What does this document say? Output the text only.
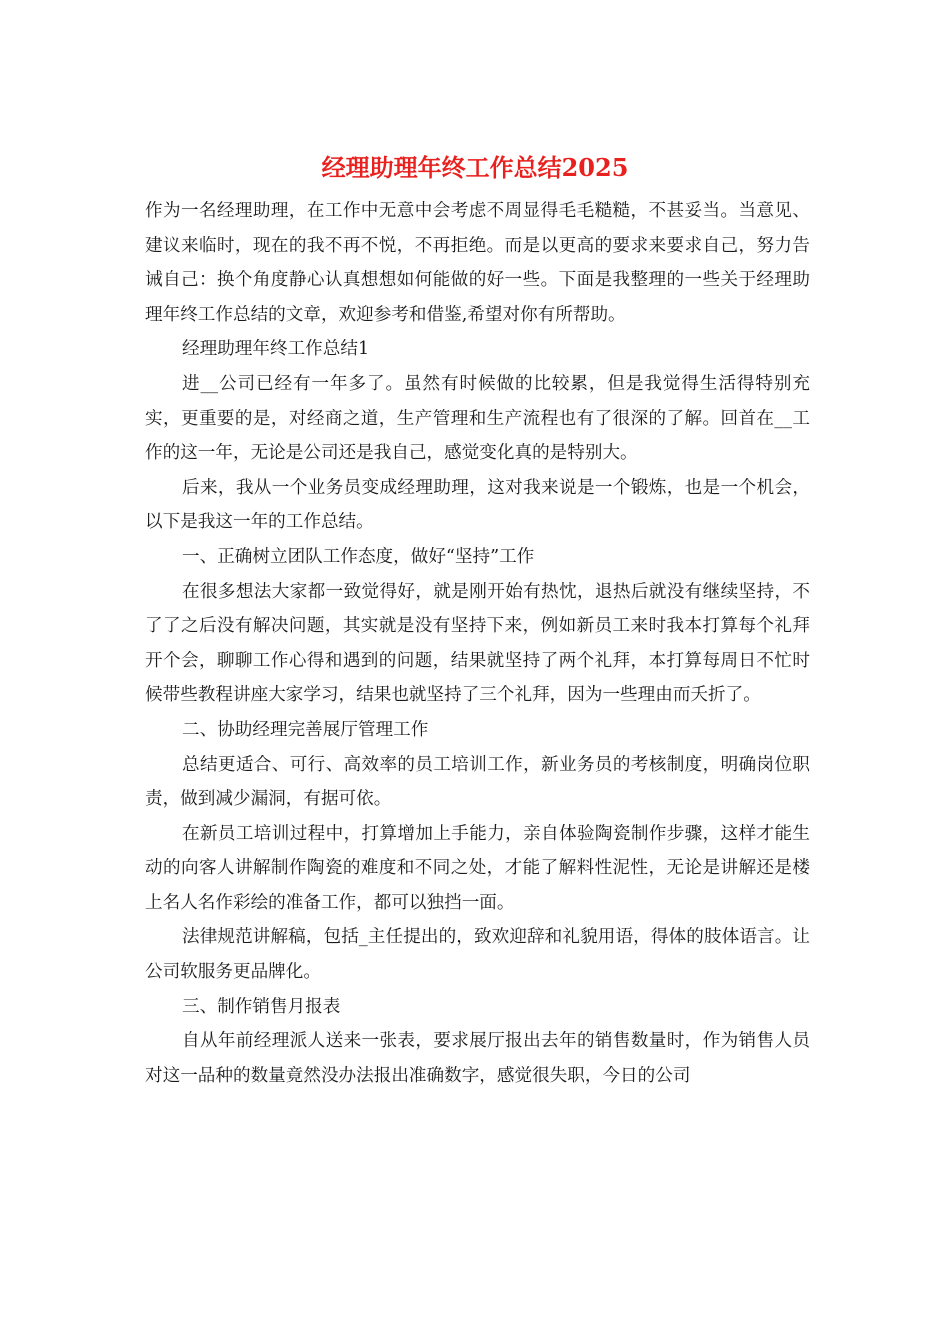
经理助理年终工作总结2025

作为一名经理助理，在工作中无意中会考虑不周显得毛毛糙糙，不甚妥当。当意见、建议来临时，现在的我不再不悦，不再拒绝。而是以更高的要求来要求自己，努力告诫自己：换个角度静心认真想想如何能做的好一些。下面是我整理的一些关于经理助理年终工作总结的文章，欢迎参考和借鉴,希望对你有所帮助。

经理助理年终工作总结1

进__公司已经有一年多了。虽然有时候做的比较累，但是我觉得生活得特别充实，更重要的是，对经商之道，生产管理和生产流程也有了很深的了解。回首在__工作的这一年，无论是公司还是我自己，感觉变化真的是特别大。

后来，我从一个业务员变成经理助理，这对我来说是一个锻炼，也是一个机会，以下是我这一年的工作总结。

一、正确树立团队工作态度，做好“坚持”工作

在很多想法大家都一致觉得好，就是刚开始有热忱，退热后就没有继续坚持，不了了之后没有解决问题，其实就是没有坚持下来，例如新员工来时我本打算每个礼拜开个会，聊聊工作心得和遇到的问题，结果就坚持了两个礼拜，本打算每周日不忙时候带些教程讲座大家学习，结果也就坚持了三个礼拜，因为一些理由而夭折了。

二、协助经理完善展厅管理工作

总结更适合、可行、高效率的员工培训工作，新业务员的考核制度，明确岗位职责，做到减少漏洞，有据可依。

在新员工培训过程中，打算增加上手能力，亲自体验陶瓷制作步骤，这样才能生动的向客人讲解制作陶瓷的难度和不同之处，才能了解料性泥性，无论是讲解还是楼上名人名作彩绘的准备工作，都可以独挡一面。

法律规范讲解稿，包括_主任提出的，致欢迎辞和礼貌用语，得体的肢体语言。让公司软服务更品牌化。

三、制作销售月报表

自从年前经理派人送来一张表，要求展厅报出去年的销售数量时，作为销售人员对这一品种的数量竟然没办法报出准确数字，感觉很失职，今日的公司
